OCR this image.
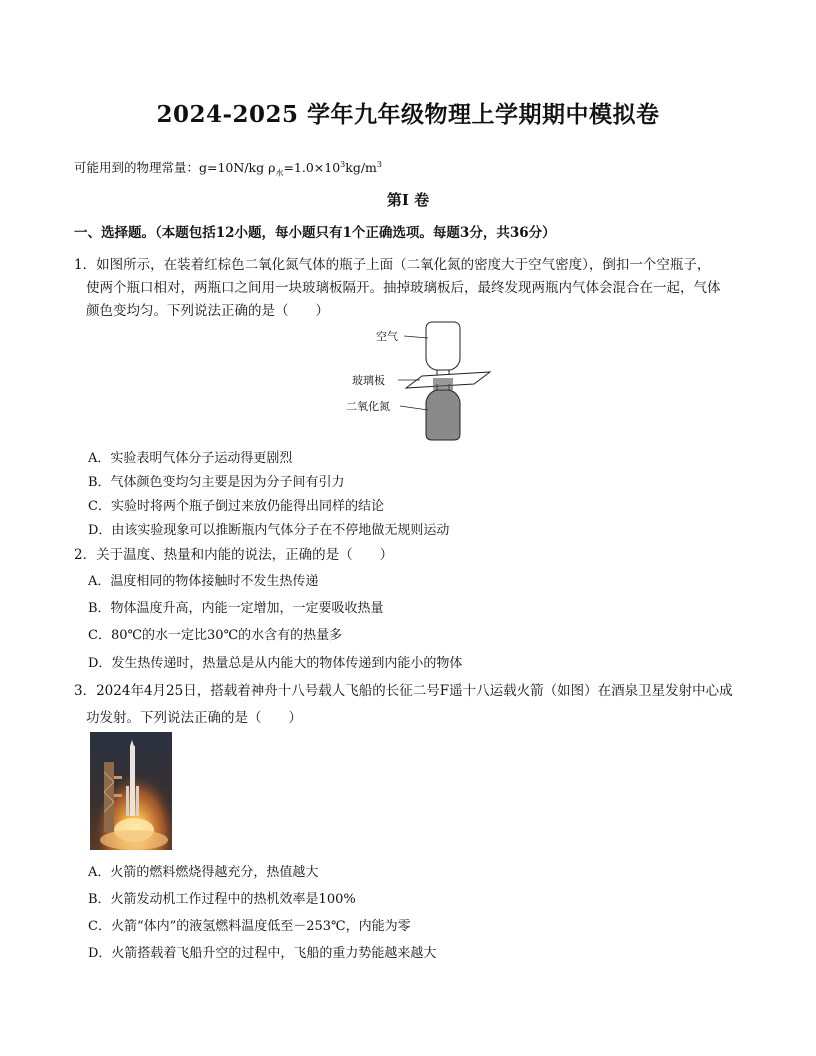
2024-2025 学年九年级物理上学期期中模拟卷
可能用到的物理常量：g=10N/kg $\rho_水=1.0\times 10^3kg/m^3$
第I 卷
一、选择题。（本题包括12小题，每小题只有1个正确选项。每题3分，共36分）
1．如图所示，在装着红棕色二氧化氮气体的瓶子上面（二氧化氮的密度大于空气密度），倒扣一个空瓶子，
使两个瓶口相对，两瓶口之间用一块玻璃板隔开。抽掉玻璃板后，最终发现两瓶内气体会混合在一起，气体
颜色变均匀。下列说法正确的是（　　）
空气
玻璃板
二氧化氮
A．实验表明气体分子运动得更剧烈
B．气体颜色变均匀主要是因为分子间有引力
C．实验时将两个瓶子倒过来放仍能得出同样的结论
D．由该实验现象可以推断瓶内气体分子在不停地做无规则运动
2．关于温度、热量和内能的说法，正确的是（　　）
A．温度相同的物体接触时不发生热传递
B．物体温度升高，内能一定增加，一定要吸收热量
C．80℃的水一定比30℃的水含有的热量多
D．发生热传递时，热量总是从内能大的物体传递到内能小的物体
3．2024年4月25日，搭载着神舟十八号载人飞船的长征二号F遥十八运载火箭（如图）在酒泉卫星发射中心成
功发射。下列说法正确的是（　　）
A．火箭的燃料燃烧得越充分，热值越大
B．火箭发动机工作过程中的热机效率是100%
C．火箭“体内”的液氢燃料温度低至－253℃，内能为零
D．火箭搭载着飞船升空的过程中，飞船的重力势能越来越大
